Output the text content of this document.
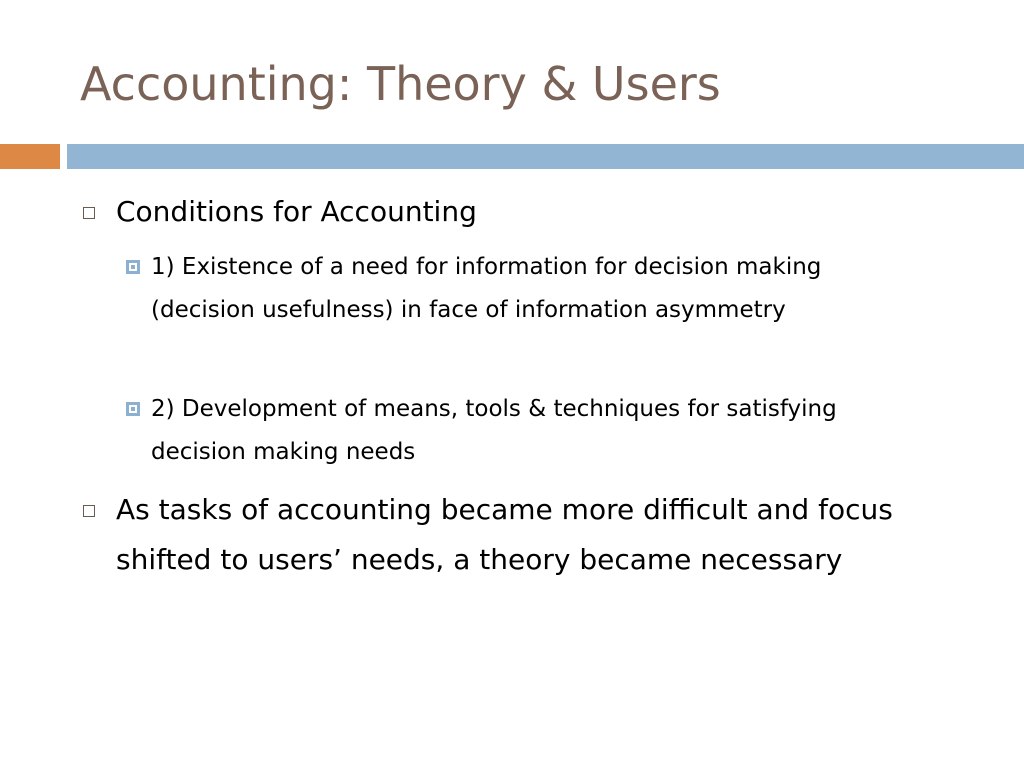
Accounting: Theory & Users
Conditions for Accounting
1) Existence of a need for information for decision making (decision usefulness) in face of information asymmetry
2) Development of means, tools & techniques for satisfying decision making needs
As tasks of accounting became more difficult and focus shifted to users’ needs, a theory became necessary
